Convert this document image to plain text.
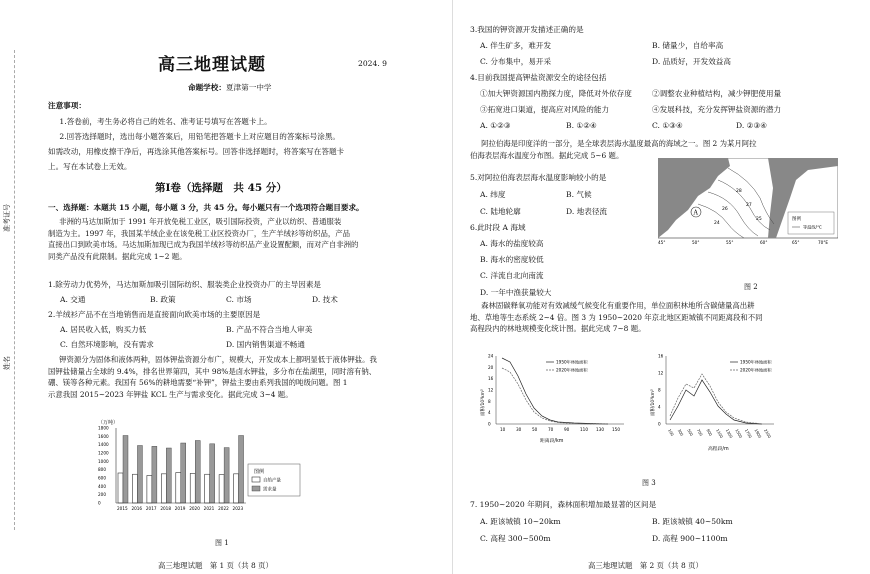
准考证号
姓名
高三地理试题	2024. 9
命题学校：夏津第一中学
注意事项：
1.答卷前，考生务必将自己的姓名、准考证号填写在答题卡上。
2.回答选择题时，选出每小题答案后，用铅笔把答题卡上对应题目的答案标号涂黑。
如需改动，用橡皮擦干净后，再选涂其他答案标号。回答非选择题时，将答案写在答题卡
上。写在本试卷上无效。
第Ⅰ卷（选择题　共 45 分）
一、选择题：本题共 15 小题，每小题 3 分，共 45 分。每小题只有一个选项符合题目要求。
非洲的马达加斯加于 1991 年开放免税工业区，吸引国际投资，产业以纺织、普通服装
制造为主。1997 年，我国某羊绒企业在该免税工业区投资办厂，生产羊绒衫等纺织品，产品
直接出口到欧美市场。马达加斯加现已成为我国羊绒衫等纺织品产业设置配额，而对产自非洲的
同类产品没有此限制。据此完成 1~2 题。
1.除劳动力优势外，马达加斯加吸引国际纺织、服装类企业投资办厂的主导因素是
A. 交通	B. 政策	C. 市场	D. 技术
2.羊绒衫产品不在当地销售而是直接面向欧美市场的主要原因是
A. 居民收入低，购买力低	B. 产品不符合当地人审美
C. 自然环境影响，没有需求	D. 国内销售渠道不畅通
钾资源分为固体和液体两种，固体钾盐资源分布广，规模大，开发成本上都明显低于液体钾盐。我
国钾盐储量占全球的 9.4%，排名世界第四，其中 98%是卤水钾盐，多分布在盐湖里，同时溶有钠、
硼、镁等各种元素。我国有 56%的耕地需要“补钾”，钾盐主要由系列我国的吨级问题。图 1
示意我国 2015~2023 年钾盐 KCL 生产与需求变化。据此完成 3~4 题。
（万吨）
1800
1600
1400
1200
1000
800
600
400
200
0
2015 2016 2017 2018 2019 2020 2021 2022 2023
图例
自给产量
需求量
图 1
高三地理试题　第 1 页（共 8 页）
3.我国的钾资源开发描述正确的是
A. 伴生矿多，难开发	B. 储量少，自给率高
C. 分布集中，易开采	D. 品质好，开发效益高
4.目前我国提高钾盐资源安全的途径包括
①加大钾资源国内勘探力度，降低对外依存度	②调整农业种植结构，减少钾肥使用量
③拓宽进口渠道，提高应对风险的能力	④发展科技，充分发挥钾盐资源的潜力
A. ①②③	B. ①②④	C. ①③④	D. ②③④
阿拉伯海是印度洋的一部分，是全球表层海水温度最高的海域之一。图 2 为某月阿拉
伯海表层海水温度分布图。据此完成 5~6 题。
5.对阿拉伯海表层海水温度影响较小的是
A. 纬度	B. 气候
C. 陆地轮廓	D. 地表径流
6.此时段 A 海域
A. 海水的盐度较高
B. 海水的密度较低
C. 洋流自北向南流
D. 一年中渔获量较大
A
28
27
26
25
24
图例
等温线/℃
45°	50°	55°	60°	65°	70°E
图 2
森林固碳释氧功能对有效减缓气候变化有重要作用，单位面积林地所含碳储量高出耕
地、草地等生态系统 2~4 倍。图 3 为 1950~2020 年京北地区距城镇不同距离段和不同
高程段内的林地规模变化统计图。据此完成 7~8 题。
面积/10²km²
24
20
16
12
8
4
0
10	30	50	70	90	110 130 150
距离段/km
1950年林地面积
2020年林地面积
面积/10²km²
16
12
8
4
0
100 300 500 700 900 1100 1300 1500 1700 1900 2100
高程段/m
1950年林地面积
2020年林地面积
图 3
7. 1950~2020 年期间，森林面积增加最显著的区间是
A. 距该城镇 10~20km	B. 距该城镇 40~50km
C. 高程 300~500m	D. 高程 900~1100m
高三地理试题　第 2 页（共 8 页）
